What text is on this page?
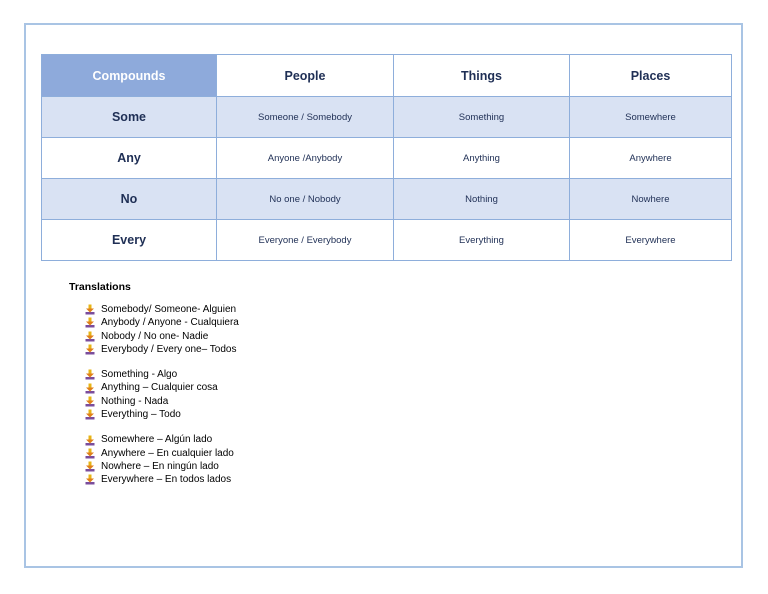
Compounds	People	Things	Places
Some	Someone / Somebody	Something	Somewhere
Any	Anyone /Anybody	Anything	Anywhere
No	No one / Nobody	Nothing	Nowhere
Every	Everyone / Everybody	Everything	Everywhere
Translations
Somebody/ Someone- Alguien
Anybody / Anyone - Cualquiera
Nobody / No one- Nadie
Everybody / Every one– Todos
Something - Algo
Anything – Cualquier cosa
Nothing - Nada
Everything – Todo
Somewhere – Algún lado
Anywhere – En cualquier lado
Nowhere – En ningún lado
Everywhere – En todos lados
